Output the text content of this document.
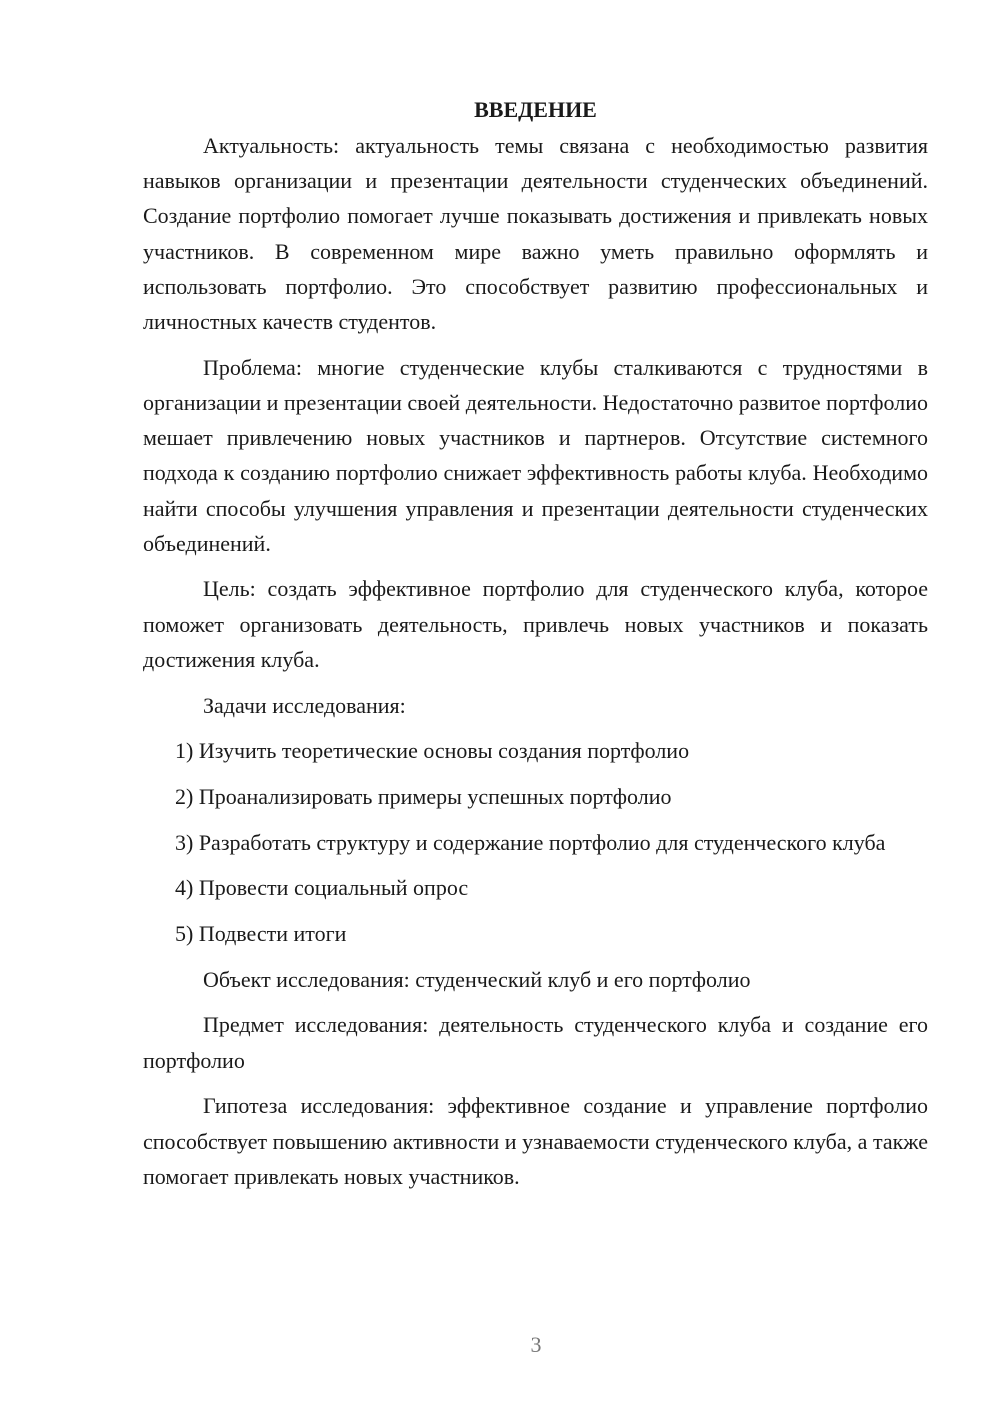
ВВЕДЕНИЕ

Актуальность: актуальность темы связана с необходимостью развития навыков организации и презентации деятельности студенческих объединений. Создание портфолио помогает лучше показывать достижения и привлекать новых участников. В современном мире важно уметь правильно оформлять и использовать портфолио. Это способствует развитию профессиональных и личностных качеств студентов.

Проблема: многие студенческие клубы сталкиваются с трудностями в организации и презентации своей деятельности. Недостаточно развитое портфолио мешает привлечению новых участников и партнеров. Отсутствие системного подхода к созданию портфолио снижает эффективность работы клуба. Необходимо найти способы улучшения управления и презентации деятельности студенческих объединений.

Цель: создать эффективное портфолио для студенческого клуба, которое поможет организовать деятельность, привлечь новых участников и показать достижения клуба.

Задачи исследования:

1) Изучить теоретические основы создания портфолио

2) Проанализировать примеры успешных портфолио

3) Разработать структуру и содержание портфолио для студенческого клуба

4) Провести социальный опрос

5) Подвести итоги

Объект исследования: студенческий клуб и его портфолио

Предмет исследования: деятельность студенческого клуба и создание его портфолио

Гипотеза исследования: эффективное создание и управление портфолио способствует повышению активности и узнаваемости студенческого клуба, а также помогает привлекать новых участников.

3
